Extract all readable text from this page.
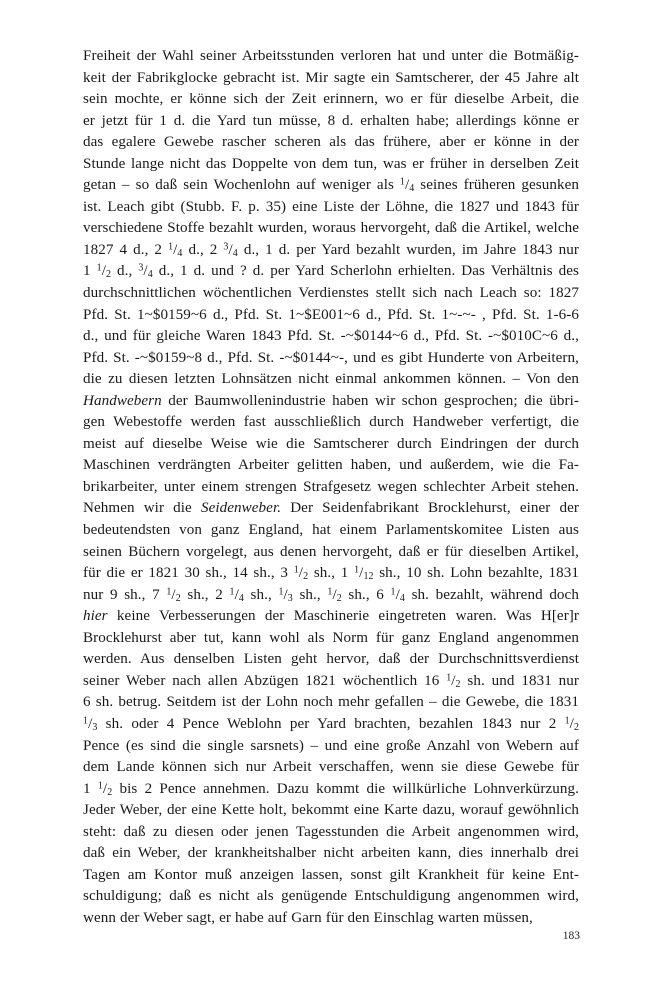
Freiheit der Wahl seiner Arbeitsstunden verloren hat und unter die Botmäßig-
keit der Fabrikglocke gebracht ist. Mir sagte ein Samtscherer, der 45 Jahre alt
sein mochte, er könne sich der Zeit erinnern, wo er für dieselbe Arbeit, die
er jetzt für 1 d. die Yard tun müsse, 8 d. erhalten habe; allerdings könne er
das egalere Gewebe rascher scheren als das frühere, aber er könne in der
Stunde lange nicht das Doppelte von dem tun, was er früher in derselben Zeit
getan – so daß sein Wochenlohn auf weniger als $^1$/4 seines früheren gesunken
ist. Leach gibt (Stubb. F. p. 35) eine Liste der Löhne, die 1827 und 1843 für
verschiedene Stoffe bezahlt wurden, woraus hervorgeht, daß die Artikel, welche
1827 4 d., 2 $^1$/4 d., 2 $^3$/4 d., 1 d. per Yard bezahlt wurden, im Jahre 1843 nur
1 $^1$/2 d., $^3$/4 d., 1 d. und ? d. per Yard Scherlohn erhielten. Das Verhältnis des
durchschnittlichen wöchentlichen Verdienstes stellt sich nach Leach so: 1827
Pfd. St. 1~$0159~6 d., Pfd. St. 1~$E001~6 d., Pfd. St. 1~-~- , Pfd. St. 1-6-6
d., und für gleiche Waren 1843 Pfd. St. -~$0144~6 d., Pfd. St. -~$010C~6 d.,
Pfd. St. -~$0159~8 d., Pfd. St. -~$0144~-, und es gibt Hunderte von Arbeitern,
die zu diesen letzten Lohnsätzen nicht einmal ankommen können. – Von den
Handwebern der Baumwollenindustrie haben wir schon gesprochen; die übri-
gen Webestoffe werden fast ausschließlich durch Handweber verfertigt, die
meist auf dieselbe Weise wie die Samtscherer durch Eindringen der durch
Maschinen verdrängten Arbeiter gelitten haben, und außerdem, wie die Fa-
brikarbeiter, unter einem strengen Strafgesetz wegen schlechter Arbeit stehen.
Nehmen wir die Seidenweber. Der Seidenfabrikant Brocklehurst, einer der
bedeutendsten von ganz England, hat einem Parlamentskomitee Listen aus
seinen Büchern vorgelegt, aus denen hervorgeht, daß er für dieselben Artikel,
für die er 1821 30 sh., 14 sh., 3 $^1$/2 sh., 1 $^1$/12 sh., 10 sh. Lohn bezahlte, 1831
nur 9 sh., 7 $^1$/2 sh., 2 $^1$/4 sh., $^1$/3 sh., $^1$/2 sh., 6 $^1$/4 sh. bezahlt, während doch
hier keine Verbesserungen der Maschinerie eingetreten waren. Was H[er]r
Brocklehurst aber tut, kann wohl als Norm für ganz England angenommen
werden. Aus denselben Listen geht hervor, daß der Durchschnittsverdienst
seiner Weber nach allen Abzügen 1821 wöchentlich 16 $^1$/2 sh. und 1831 nur
6 sh. betrug. Seitdem ist der Lohn noch mehr gefallen – die Gewebe, die 1831
$^1$/3 sh. oder 4 Pence Weblohn per Yard brachten, bezahlen 1843 nur 2 $^1$/2
Pence (es sind die single sarsnets) – und eine große Anzahl von Webern auf
dem Lande können sich nur Arbeit verschaffen, wenn sie diese Gewebe für
1 $^1$/2 bis 2 Pence annehmen. Dazu kommt die willkürliche Lohnverkürzung.
Jeder Weber, der eine Kette holt, bekommt eine Karte dazu, worauf gewöhnlich
steht: daß zu diesen oder jenen Tagesstunden die Arbeit angenommen wird,
daß ein Weber, der krankheitshalber nicht arbeiten kann, dies innerhalb drei
Tagen am Kontor muß anzeigen lassen, sonst gilt Krankheit für keine Ent-
schuldigung; daß es nicht als genügende Entschuldigung angenommen wird,
wenn der Weber sagt, er habe auf Garn für den Einschlag warten müssen,

183
